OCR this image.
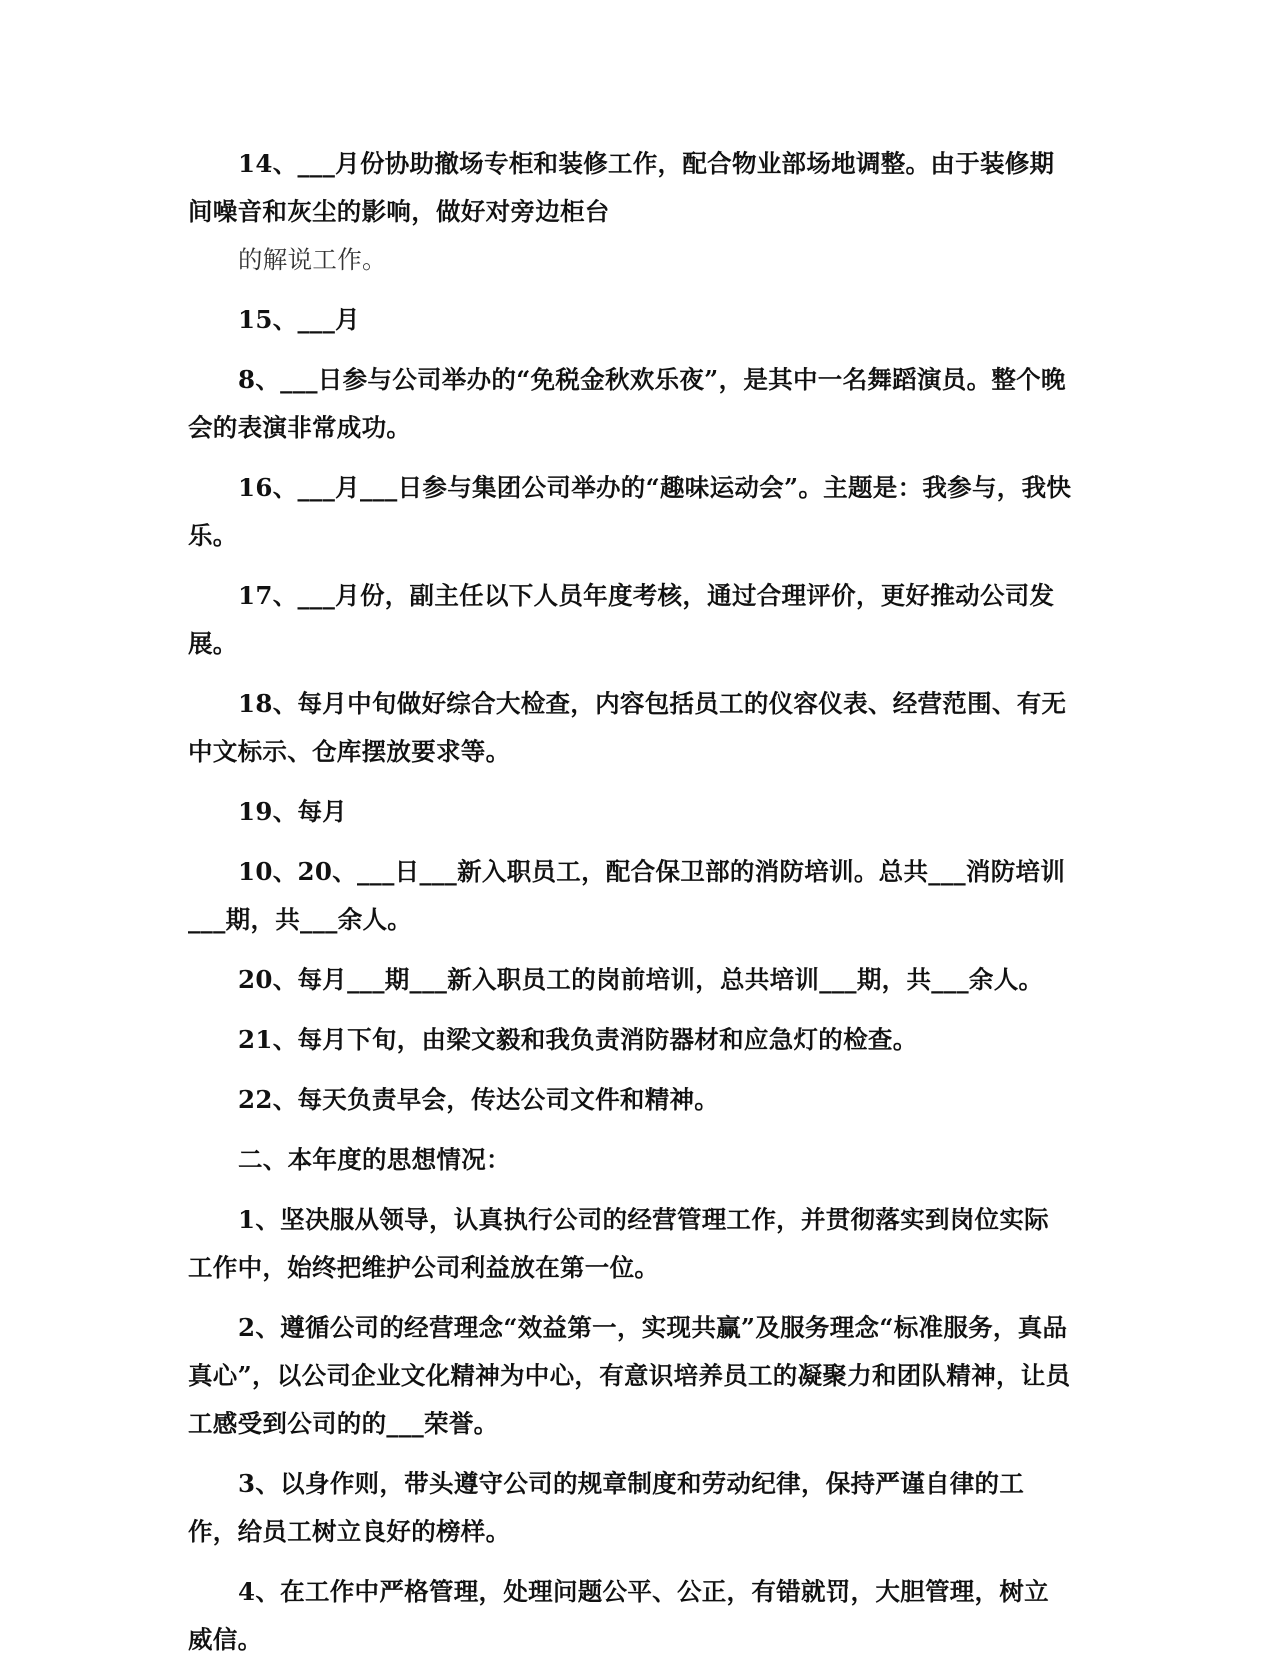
14、___月份协助撤场专柜和装修工作，配合物业部场地调整。由于装修期间噪音和灰尘的影响，做好对旁边柜台

的解说工作。

15、___月

8、___日参与公司举办的“免税金秋欢乐夜”，是其中一名舞蹈演员。整个晚会的表演非常成功。

16、___月___日参与集团公司举办的“趣味运动会”。主题是：我参与，我快乐。

17、___月份，副主任以下人员年度考核，通过合理评价，更好推动公司发展。

18、每月中旬做好综合大检查，内容包括员工的仪容仪表、经营范围、有无中文标示、仓库摆放要求等。

19、每月

10、20、___日___新入职员工，配合保卫部的消防培训。总共___消防培训___期，共___余人。

20、每月___期___新入职员工的岗前培训，总共培训___期，共___余人。

21、每月下旬，由梁文毅和我负责消防器材和应急灯的检查。

22、每天负责早会，传达公司文件和精神。

二、本年度的思想情况：

1、坚决服从领导，认真执行公司的经营管理工作，并贯彻落实到岗位实际工作中，始终把维护公司利益放在第一位。

2、遵循公司的经营理念“效益第一，实现共赢”及服务理念“标准服务，真品真心”，以公司企业文化精神为中心，有意识培养员工的凝聚力和团队精神，让员工感受到公司的的___荣誉。

3、以身作则，带头遵守公司的规章制度和劳动纪律，保持严谨自律的工作，给员工树立良好的榜样。

4、在工作中严格管理，处理问题公平、公正，有错就罚，大胆管理，树立威信。
